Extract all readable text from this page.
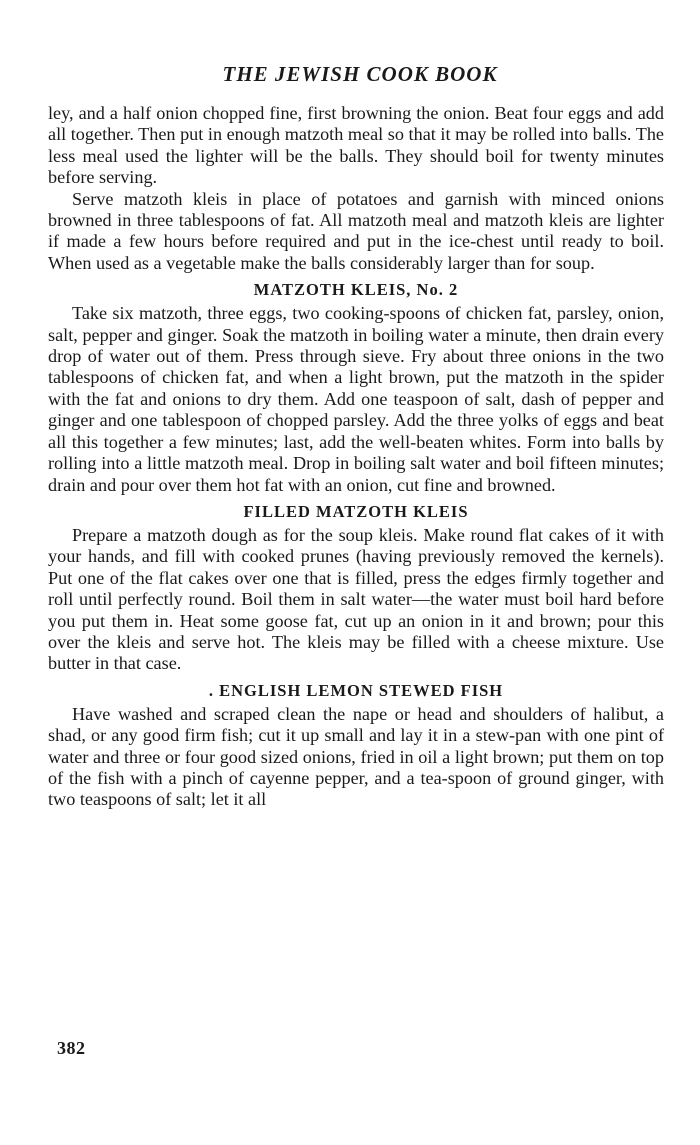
THE JEWISH COOK BOOK

ley, and a half onion chopped fine, first browning the onion. Beat four eggs and add all together. Then put in enough matzoth meal so that it may be rolled into balls. The less meal used the lighter will be the balls. They should boil for twenty minutes before serving.

Serve matzoth kleis in place of potatoes and garnish with minced onions browned in three tablespoons of fat. All matzoth meal and matzoth kleis are lighter if made a few hours before required and put in the ice-chest until ready to boil. When used as a vegetable make the balls considerably larger than for soup.

MATZOTH KLEIS, No. 2

Take six matzoth, three eggs, two cooking-spoons of chicken fat, parsley, onion, salt, pepper and ginger. Soak the matzoth in boiling water a minute, then drain every drop of water out of them. Press through sieve. Fry about three onions in the two tablespoons of chicken fat, and when a light brown, put the matzoth in the spider with the fat and onions to dry them. Add one teaspoon of salt, dash of pepper and ginger and one tablespoon of chopped parsley. Add the three yolks of eggs and beat all this together a few minutes; last, add the well-beaten whites. Form into balls by rolling into a little matzoth meal. Drop in boiling salt water and boil fifteen minutes; drain and pour over them hot fat with an onion, cut fine and browned.

FILLED MATZOTH KLEIS

Prepare a matzoth dough as for the soup kleis. Make round flat cakes of it with your hands, and fill with cooked prunes (having previously removed the kernels). Put one of the flat cakes over one that is filled, press the edges firmly together and roll until perfectly round. Boil them in salt water—the water must boil hard before you put them in. Heat some goose fat, cut up an onion in it and brown; pour this over the kleis and serve hot. The kleis may be filled with a cheese mixture. Use butter in that case.

. ENGLISH LEMON STEWED FISH

Have washed and scraped clean the nape or head and shoulders of halibut, a shad, or any good firm fish; cut it up small and lay it in a stew-pan with one pint of water and three or four good sized onions, fried in oil a light brown; put them on top of the fish with a pinch of cayenne pepper, and a tea-spoon of ground ginger, with two teaspoons of salt; let it all

382
